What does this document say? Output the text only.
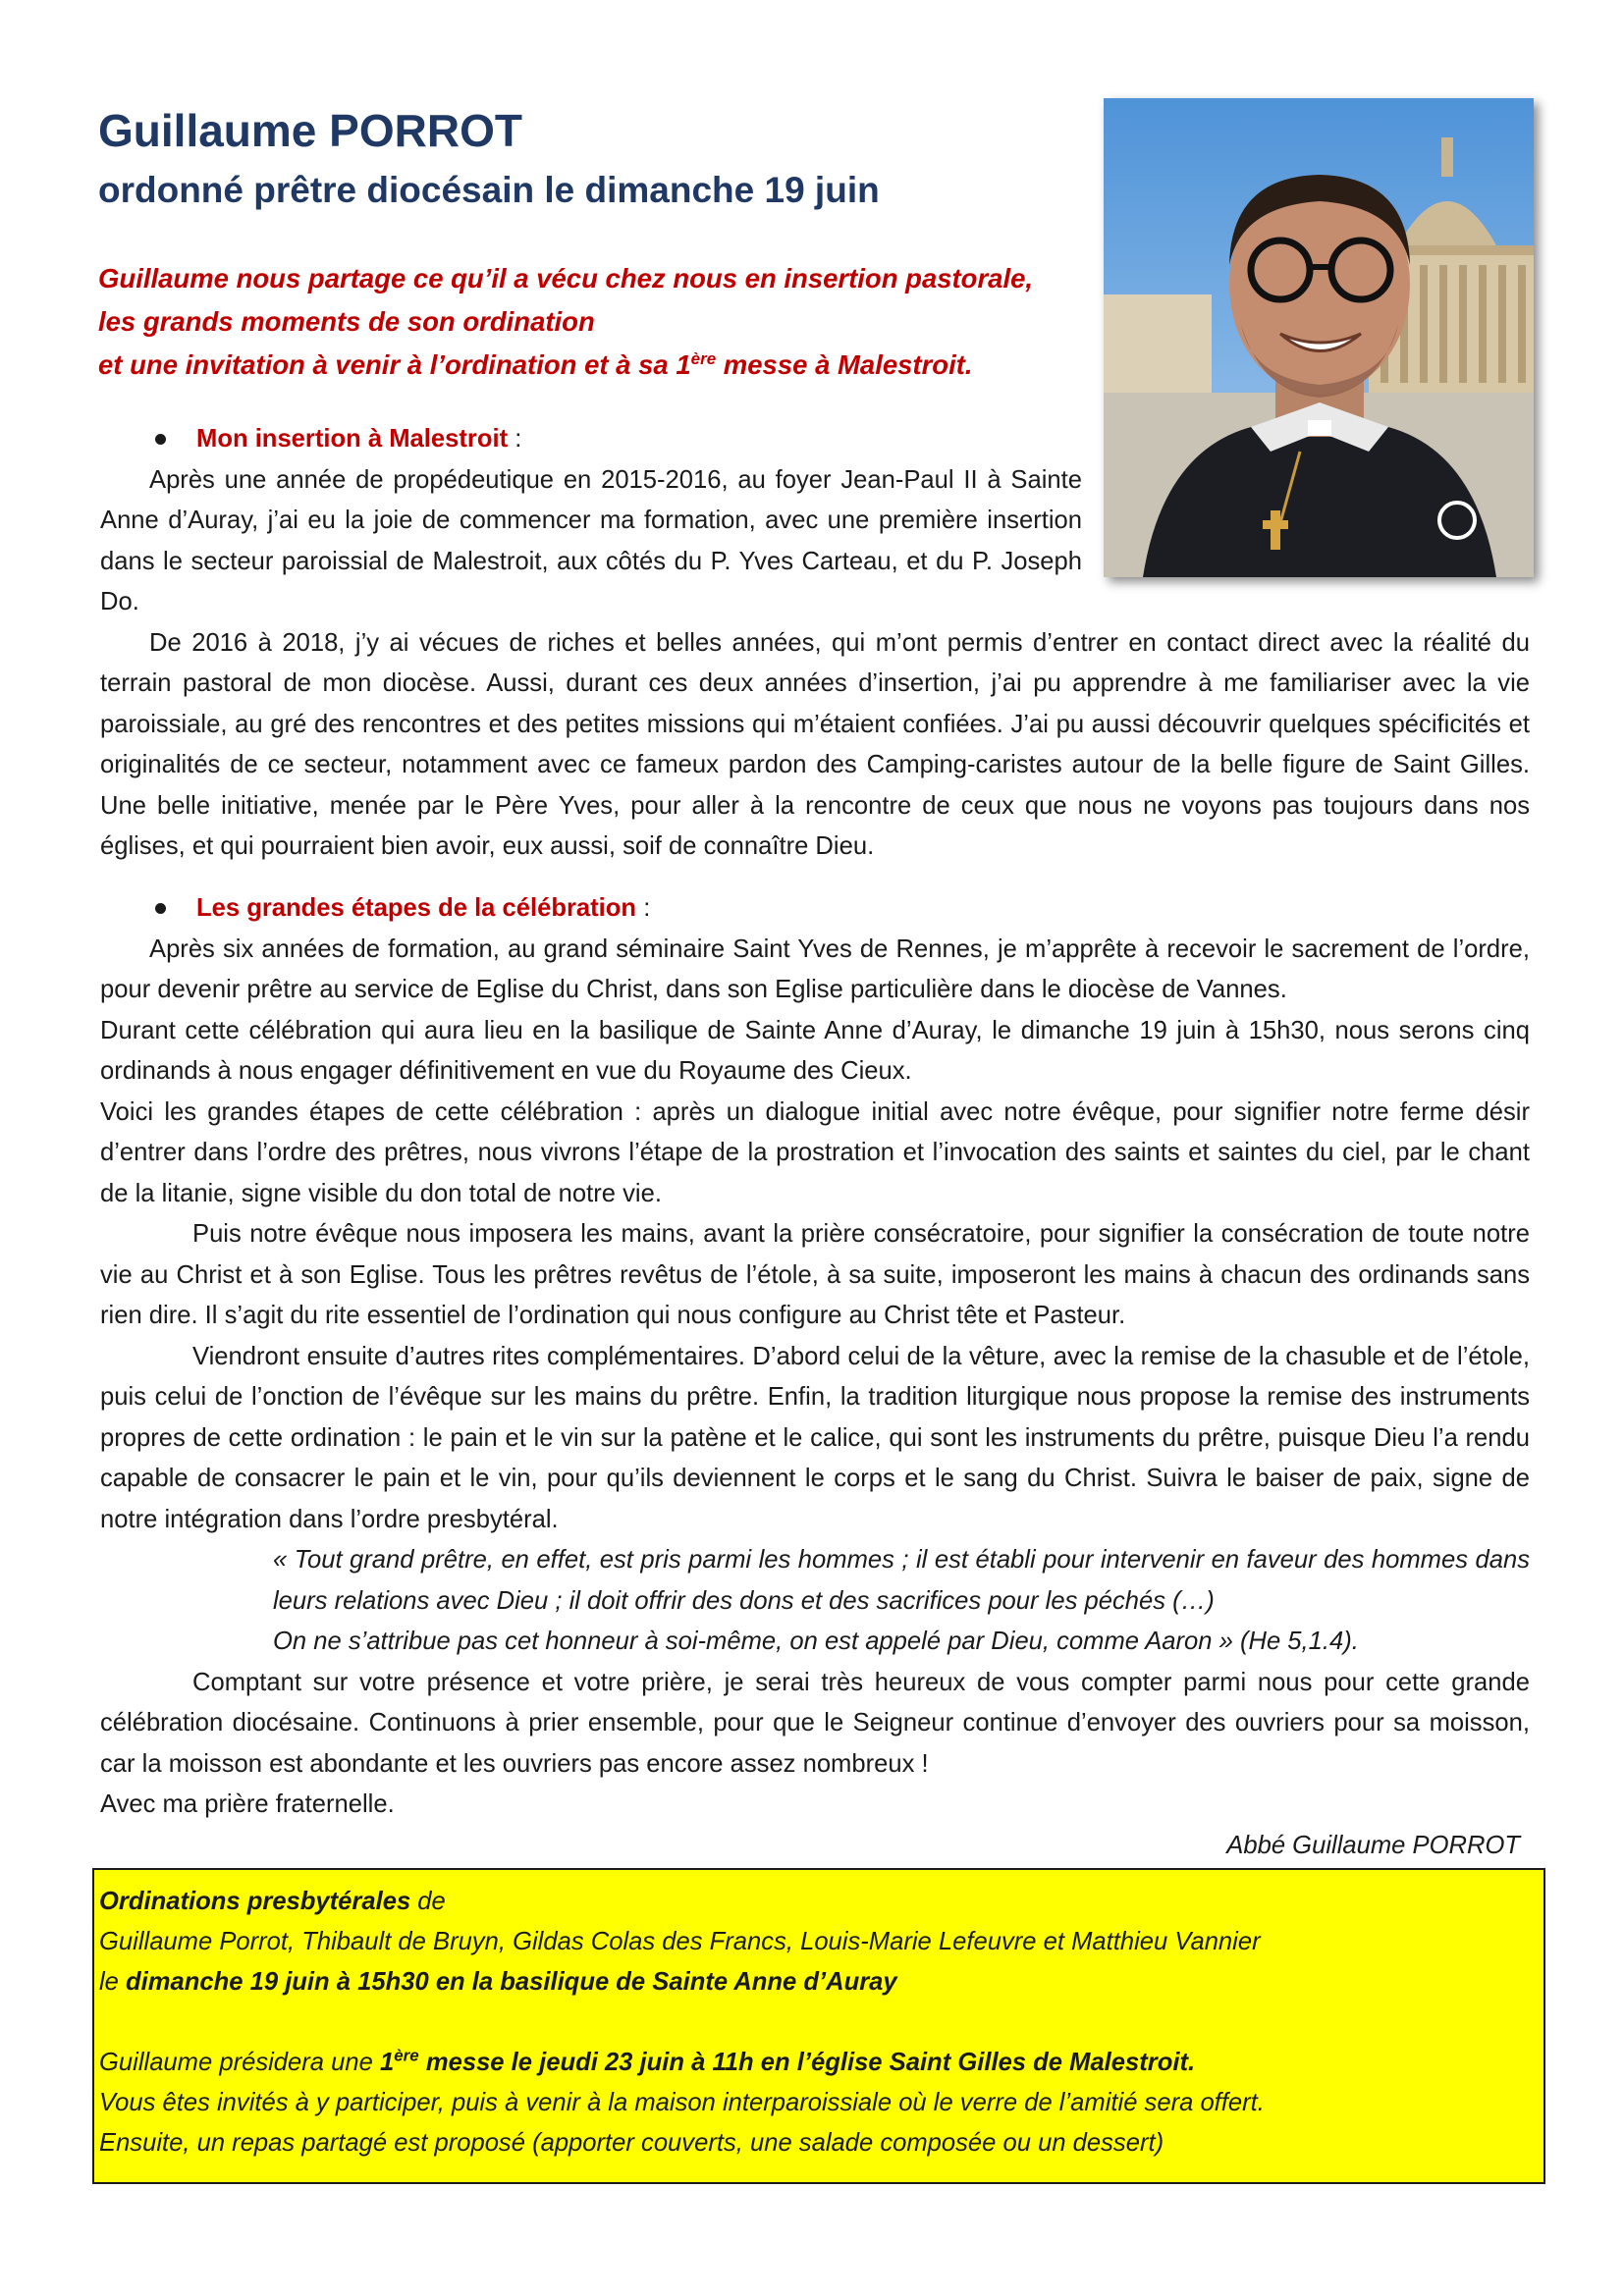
Guillaume PORROT
ordonné prêtre diocésain le dimanche 19 juin
Guillaume nous partage ce qu’il a vécu chez nous en insertion pastorale,
les grands moments de son ordination
et une invitation à venir à l’ordination et à sa 1ère messe à Malestroit.
Mon insertion à Malestroit :

Après une année de propédeutique en 2015-2016, au foyer Jean-Paul II à Sainte Anne d’Auray, j’ai eu la joie de commencer ma formation, avec une première insertion dans le secteur paroissial de Malestroit, aux côtés du P. Yves Carteau, et du P. Joseph Do.

De 2016 à 2018, j’y ai vécues de riches et belles années, qui m’ont permis d’entrer en contact direct avec la réalité du terrain pastoral de mon diocèse. Aussi, durant ces deux années d’insertion, j’ai pu apprendre à me familiariser avec la vie paroissiale, au gré des rencontres et des petites missions qui m’étaient confiées. J’ai pu aussi découvrir quelques spécificités et originalités de ce secteur, notamment avec ce fameux pardon des Camping-caristes autour de la belle figure de Saint Gilles. Une belle initiative, menée par le Père Yves, pour aller à la rencontre de ceux que nous ne voyons pas toujours dans nos églises, et qui pourraient bien avoir, eux aussi, soif de connaître Dieu.

Les grandes étapes de la célébration :

Après six années de formation, au grand séminaire Saint Yves de Rennes, je m’apprête à recevoir le sacrement de l’ordre, pour devenir prêtre au service de Eglise du Christ, dans son Eglise particulière dans le diocèse de Vannes.

Durant cette célébration qui aura lieu en la basilique de Sainte Anne d’Auray, le dimanche 19 juin à 15h30, nous serons cinq ordinands à nous engager définitivement en vue du Royaume des Cieux.

Voici les grandes étapes de cette célébration : après un dialogue initial avec notre évêque, pour signifier notre ferme désir d’entrer dans l’ordre des prêtres, nous vivrons l’étape de la prostration et l’invocation des saints et saintes du ciel, par le chant de la litanie, signe visible du don total de notre vie.

Puis notre évêque nous imposera les mains, avant la prière consécratoire, pour signifier la consécration de toute notre vie au Christ et à son Eglise. Tous les prêtres revêtus de l’étole, à sa suite, imposeront les mains à chacun des ordinands sans rien dire. Il s’agit du rite essentiel de l’ordination qui nous configure au Christ tête et Pasteur.

Viendront ensuite d’autres rites complémentaires. D’abord celui de la vêture, avec la remise de la chasuble et de l’étole, puis celui de l’onction de l’évêque sur les mains du prêtre. Enfin, la tradition liturgique nous propose la remise des instruments propres de cette ordination : le pain et le vin sur la patène et le calice, qui sont les instruments du prêtre, puisque Dieu l’a rendu capable de consacrer le pain et le vin, pour qu’ils deviennent le corps et le sang du Christ. Suivra le baiser de paix, signe de notre intégration dans l’ordre presbytéral.

« Tout grand prêtre, en effet, est pris parmi les hommes ; il est établi pour intervenir en faveur des hommes dans leurs relations avec Dieu ; il doit offrir des dons et des sacrifices pour les péchés (…)

On ne s’attribue pas cet honneur à soi-même, on est appelé par Dieu, comme Aaron » (He 5,1.4).

Comptant sur votre présence et votre prière, je serai très heureux de vous compter parmi nous pour cette grande célébration diocésaine. Continuons à prier ensemble, pour que le Seigneur continue d’envoyer des ouvriers pour sa moisson, car la moisson est abondante et les ouvriers pas encore assez nombreux !

Avec ma prière fraternelle.

Abbé Guillaume PORROT

Ordinations presbytérales de
Guillaume Porrot, Thibault de Bruyn, Gildas Colas des Francs, Louis-Marie Lefeuvre et Matthieu Vannier
le dimanche 19 juin à 15h30 en la basilique de Sainte Anne d’Auray
Guillaume présidera une 1ère messe le jeudi 23 juin à 11h en l’église Saint Gilles de Malestroit.
Vous êtes invités à y participer, puis à venir à la maison interparoissiale où le verre de l’amitié sera offert.
Ensuite, un repas partagé est proposé (apporter couverts, une salade composée ou un dessert)
